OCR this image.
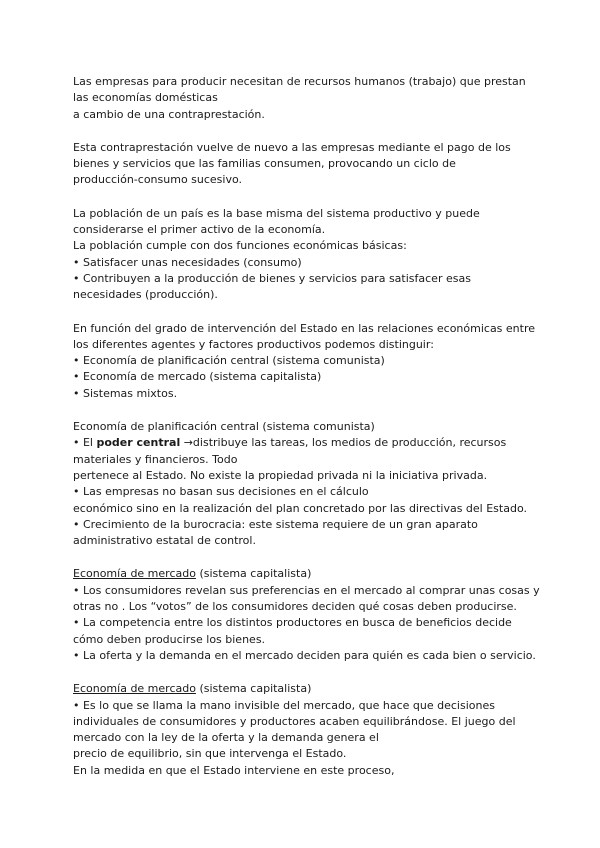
Las empresas para producir necesitan de recursos humanos (trabajo) que prestan
las economías domésticas
a cambio de una contraprestación.
Esta contraprestación vuelve de nuevo a las empresas mediante el pago de los
bienes y servicios que las familias consumen, provocando un ciclo de
producción-consumo sucesivo.
La población de un país es la base misma del sistema productivo y puede
considerarse el primer activo de la economía.
La población cumple con dos funciones económicas básicas:
• Satisfacer unas necesidades (consumo)
• Contribuyen a la producción de bienes y servicios para satisfacer esas
necesidades (producción).
En función del grado de intervención del Estado en las relaciones económicas entre
los diferentes agentes y factores productivos podemos distinguir:
• Economía de planificación central (sistema comunista)
• Economía de mercado (sistema capitalista)
• Sistemas mixtos.
Economía de planificación central (sistema comunista)
• El poder central →distribuye las tareas, los medios de producción, recursos
materiales y financieros. Todo
pertenece al Estado. No existe la propiedad privada ni la iniciativa privada.
• Las empresas no basan sus decisiones en el cálculo
económico sino en la realización del plan concretado por las directivas del Estado.
• Crecimiento de la burocracia: este sistema requiere de un gran aparato
administrativo estatal de control.
Economía de mercado (sistema capitalista)
• Los consumidores revelan sus preferencias en el mercado al comprar unas cosas y
otras no . Los “votos” de los consumidores deciden qué cosas deben producirse.
• La competencia entre los distintos productores en busca de beneficios decide
cómo deben producirse los bienes.
• La oferta y la demanda en el mercado deciden para quién es cada bien o servicio.
Economía de mercado (sistema capitalista)
• Es lo que se llama la mano invisible del mercado, que hace que decisiones
individuales de consumidores y productores acaben equilibrándose. El juego del
mercado con la ley de la oferta y la demanda genera el
precio de equilibrio, sin que intervenga el Estado.
En la medida en que el Estado interviene en este proceso,
